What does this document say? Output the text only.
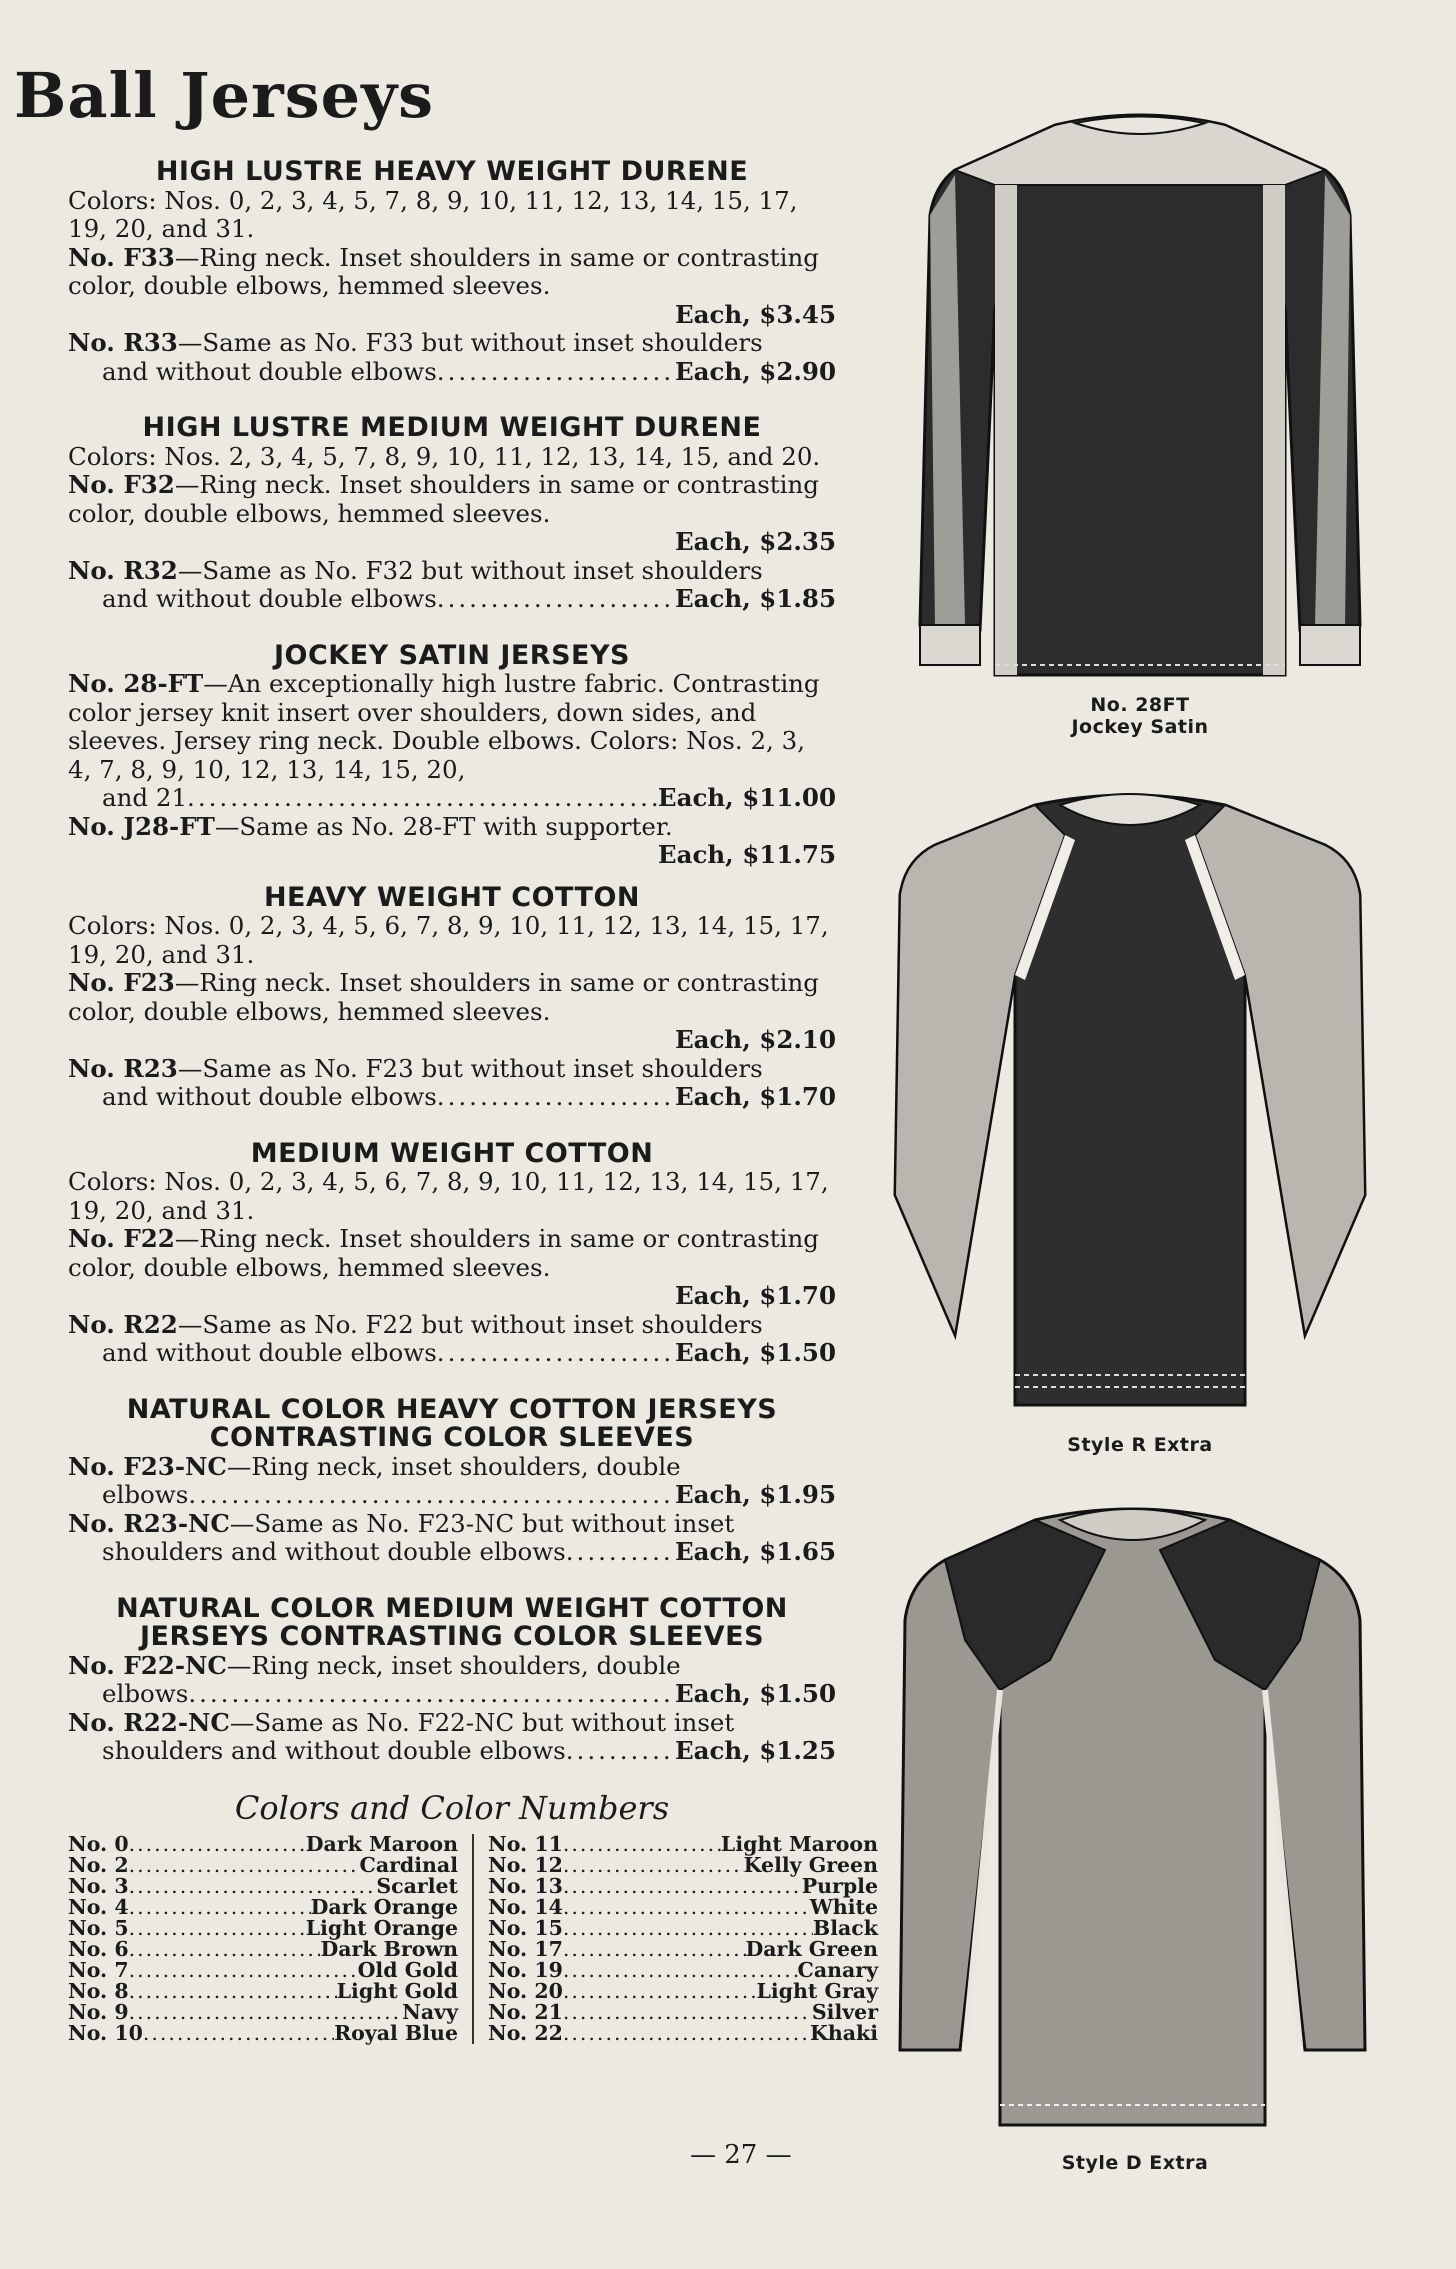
Ball Jerseys

HIGH LUSTRE HEAVY WEIGHT DURENE

Colors: Nos. 0, 2, 3, 4, 5, 7, 8, 9, 10, 11, 12, 13, 14, 15, 17, 19, 20, and 31.

No. F33—Ring neck. Inset shoulders in same or contrasting color, double elbows, hemmed sleeves.

Each, $3.45

No. R33—Same as No. F33 but without inset shoulders

and without double elbows .....	Each, $2.90

HIGH LUSTRE MEDIUM WEIGHT DURENE

Colors: Nos. 2, 3, 4, 5, 7, 8, 9, 10, 11, 12, 13, 14, 15, and 20.

No. F32—Ring neck. Inset shoulders in same or contrasting color, double elbows, hemmed sleeves.

Each, $2.35

No. R32—Same as No. F32 but without inset shoulders

and without double elbows .....	Each, $1.85

JOCKEY SATIN JERSEYS

No. 28-FT—An exceptionally high lustre fabric. Contrasting color jersey knit insert over shoulders, down sides, and sleeves. Jersey ring neck. Double elbows. Colors: Nos. 2, 3, 4, 7, 8, 9, 10, 12, 13, 14, 15, 20,

and 21 .....	Each, $11.00

No. J28-FT—Same as No. 28-FT with supporter.

Each, $11.75

HEAVY WEIGHT COTTON

Colors: Nos. 0, 2, 3, 4, 5, 6, 7, 8, 9, 10, 11, 12, 13, 14, 15, 17, 19, 20, and 31.

No. F23—Ring neck. Inset shoulders in same or contrasting color, double elbows, hemmed sleeves.

Each, $2.10

No. R23—Same as No. F23 but without inset shoulders

and without double elbows .....	Each, $1.70

MEDIUM WEIGHT COTTON

Colors: Nos. 0, 2, 3, 4, 5, 6, 7, 8, 9, 10, 11, 12, 13, 14, 15, 17, 19, 20, and 31.

No. F22—Ring neck. Inset shoulders in same or contrasting color, double elbows, hemmed sleeves.

Each, $1.70

No. R22—Same as No. F22 but without inset shoulders

and without double elbows .....	Each, $1.50

NATURAL COLOR HEAVY COTTON JERSEYS CONTRASTING COLOR SLEEVES

No. F23-NC—Ring neck, inset shoulders, double

elbows .....	Each, $1.95

No. R23-NC—Same as No. F23-NC but without inset

shoulders and without double elbows .....	Each, $1.65

NATURAL COLOR MEDIUM WEIGHT COTTON JERSEYS CONTRASTING COLOR SLEEVES

No. F22-NC—Ring neck, inset shoulders, double

elbows .....	Each, $1.50

No. R22-NC—Same as No. F22-NC but without inset

shoulders and without double elbows .....	Each, $1.25
Colors and Color Numbers
No. 0 .....	Dark Maroon
No. 2 .....	Cardinal
No. 3 .....	Scarlet
No. 4 .....	Dark Orange
No. 5 .....	Light Orange
No. 6 .....	Dark Brown
No. 7 .....	Old Gold
No. 8 .....	Light Gold
No. 9 .....	Navy
No. 10 .....	Royal Blue
No. 11 .....	Light Maroon
No. 12 .....	Kelly Green
No. 13 .....	Purple
No. 14 .....	White
No. 15 .....	Black
No. 17 .....	Dark Green
No. 19 .....	Canary
No. 20 .....	Light Gray
No. 21 .....	Silver
No. 22 .....	Khaki
— 27 —
No. 28FT
Jockey Satin
Style R Extra
Style D Extra
